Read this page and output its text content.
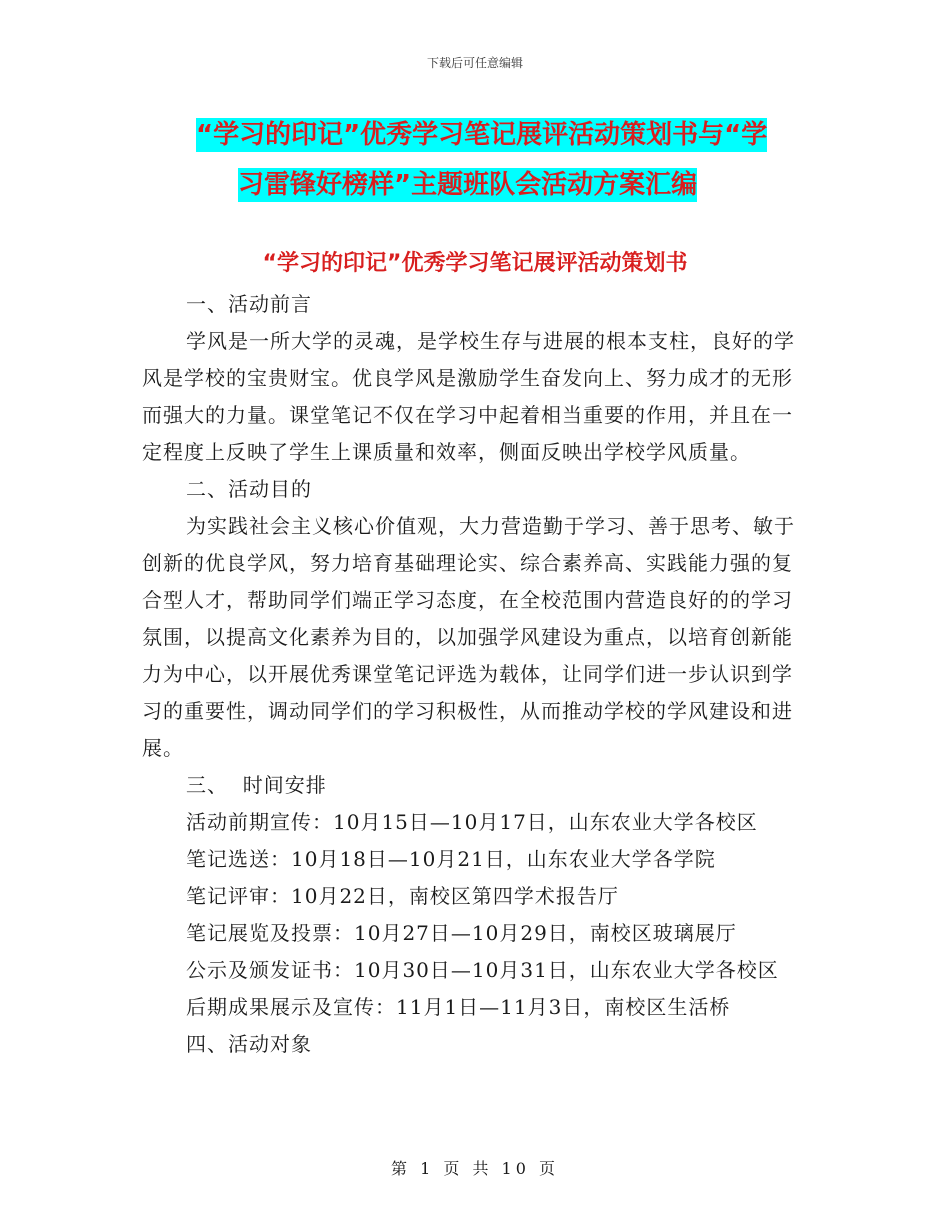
下载后可任意编辑
“学习的印记”优秀学习笔记展评活动策划书与“学
习雷锋好榜样”主题班队会活动方案汇编
“学习的印记”优秀学习笔记展评活动策划书

一、活动前言

学风是一所大学的灵魂，是学校生存与进展的根本支柱，良好的学风是学校的宝贵财宝。优良学风是激励学生奋发向上、努力成才的无形而强大的力量。课堂笔记不仅在学习中起着相当重要的作用，并且在一定程度上反映了学生上课质量和效率，侧面反映出学校学风质量。

二、活动目的

为实践社会主义核心价值观，大力营造勤于学习、善于思考、敏于创新的优良学风，努力培育基础理论实、综合素养高、实践能力强的复合型人才，帮助同学们端正学习态度，在全校范围内营造良好的的学习氛围，以提高文化素养为目的，以加强学风建设为重点，以培育创新能力为中心，以开展优秀课堂笔记评选为载体，让同学们进一步认识到学习的重要性，调动同学们的学习积极性，从而推动学校的学风建设和进展。

三、  时间安排

活动前期宣传：10月15日—10月17日，山东农业大学各校区

笔记选送：10月18日—10月21日，山东农业大学各学院

笔记评审：10月22日，南校区第四学术报告厅

笔记展览及投票：10月27日—10月29日，南校区玻璃展厅

公示及颁发证书：10月30日—10月31日，山东农业大学各校区

后期成果展示及宣传：11月1日—11月3日，南校区生活桥

四、活动对象

第 1 页 共 10 页
